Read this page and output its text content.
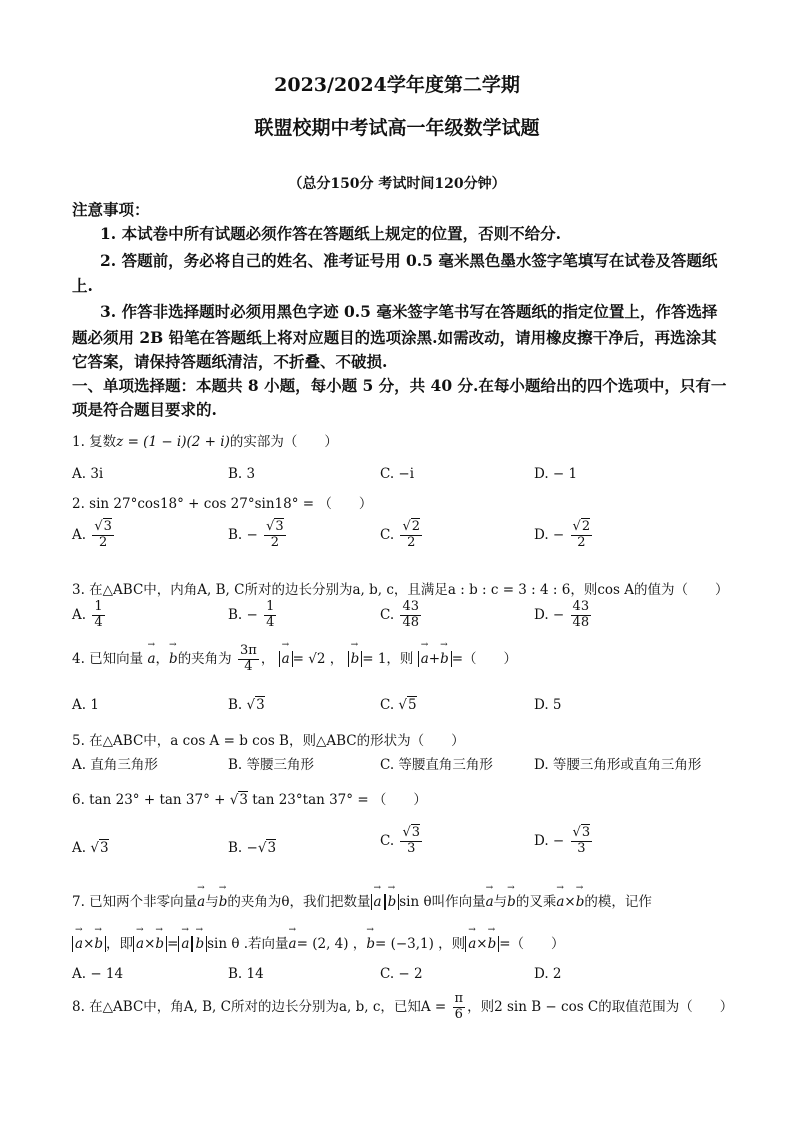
2023/2024学年度第二学期
联盟校期中考试高一年级数学试题
（总分150分 考试时间120分钟）
注意事项：
1. 本试卷中所有试题必须作答在答题纸上规定的位置，否则不给分.
2. 答题前，务必将自己的姓名、准考证号用 0.5 毫米黑色墨水签字笔填写在试卷及答题纸
上.
3. 作答非选择题时必须用黑色字迹 0.5 毫米签字笔书写在答题纸的指定位置上，作答选择
题必须用 2B 铅笔在答题纸上将对应题目的选项涂黑.如需改动，请用橡皮擦干净后，再选涂其
它答案，请保持答题纸清洁，不折叠、不破损.
一、单项选择题：本题共 8 小题，每小题 5 分，共 40 分.在每小题给出的四个选项中，只有一
项是符合题目要求的.
1. 复数z = (1 − i)(2 + i)的实部为（　　）
A. 3i	B. 3	C. −i	D. − 1
2. sin 27°cos18° + cos 27°sin18° = （　　）
A. $\frac{√3}{2}$	B. − $\frac{√3}{2}$	C. $\frac{√2}{2}$	D. − $\frac{√2}{2}$
3. 在△ABC中，内角A, B, C所对的边长分别为a, b, c，且满足a : b : c = 3 : 4 : 6，则cos A的值为（　　）
A. $\frac{1}{4}$	B. − $\frac{1}{4}$	C. $\frac{43}{48}$	D. − $\frac{43}{48}$
4. 已知向量 → a，→ b的夹角为 $\frac{3\pi}{4}$ ， → a = √2 ， → b = 1，则 → a+→ b =（　　）
A. 1	B. √3	C. √5	D. 5
5. 在△ABC中，a cos A = b cos B，则△ABC的形状为（　　）
A. 直角三角形	B. 等腰三角形	C. 等腰直角三角形	D. 等腰三角形或直角三角形
6. tan 23° + tan 37° + √3 tan 23°tan 37° = （　　）
A. √3	B. −√3	C. $\frac{√3}{3}$	D. − $\frac{√3}{3}$
7. 已知两个非零向量→ a与→ b的夹角为θ，我们把数量 → a → b sin θ叫作向量→ a与→ b的叉乘→ a×→ b的模，记作
→ a×→ b ，即 → a×→ b = → a → b sin θ .若向量→ a= (2, 4) ，→ b= (−3,1) ，则 → a×→ b =（　　）
A. − 14	B. 14	C. − 2	D. 2
8. 在△ABC中，角A, B, C所对的边长分别为a, b, c，已知$A = \frac{\pi}{6}$ ，则2 sin B − cos C的取值范围为（　　）
